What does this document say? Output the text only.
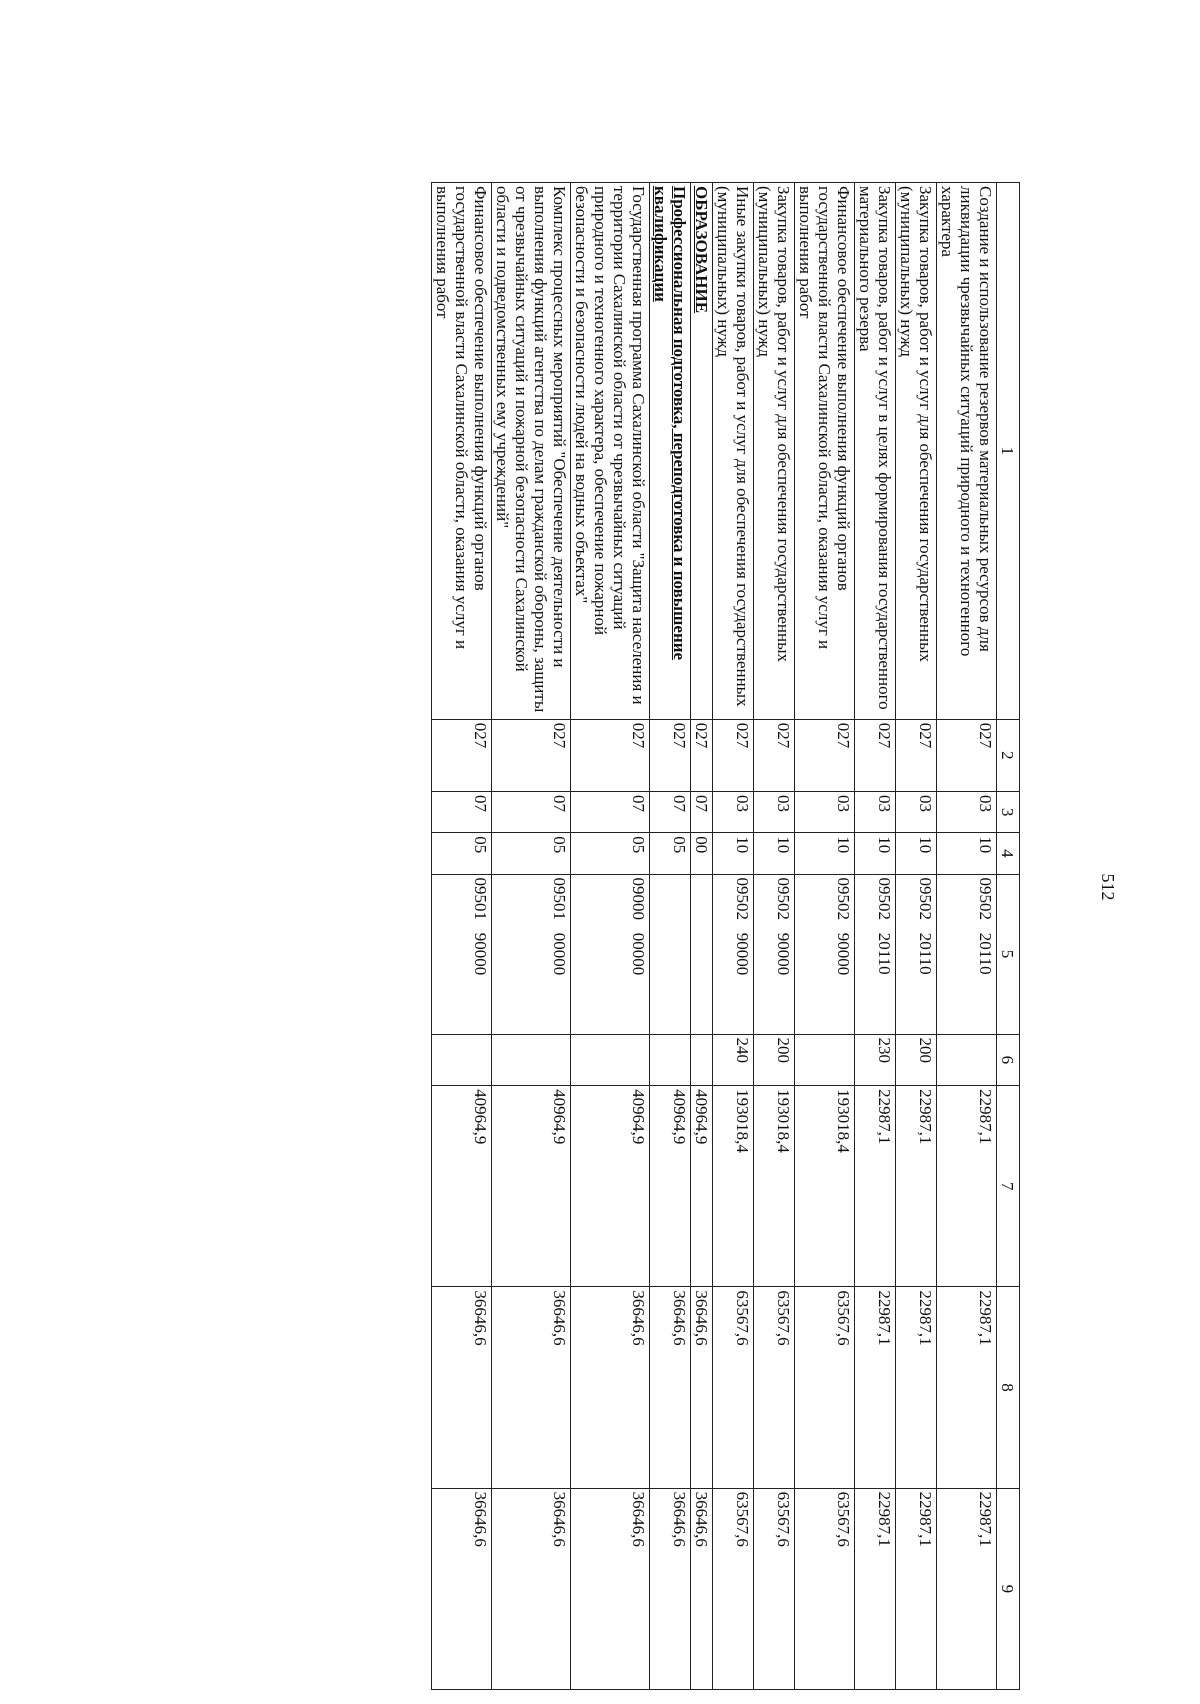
512
1	2	3	4	5	6	7	8	9
Создание и использование резервов материальных ресурсов для ликвидации чрезвычайных ситуаций природного и техногенного характера	027	03	10	09502   20110		22987,1	22987,1	22987,1
Закупка товаров, работ и услуг для обеспечения государственных (муниципальных) нужд	027	03	10	09502   20110	200	22987,1	22987,1	22987,1
Закупка товаров, работ и услуг в целях формирования государственного материального резерва	027	03	10	09502   20110	230	22987,1	22987,1	22987,1
Финансовое обеспечение выполнения функций органов государственной власти Сахалинской области, оказания услуг и выполнения работ	027	03	10	09502   90000		193018,4	63567,6	63567,6
Закупка товаров, работ и услуг для обеспечения государственных (муниципальных) нужд	027	03	10	09502   90000	200	193018,4	63567,6	63567,6
Иные закупки товаров, работ и услуг для обеспечения государственных (муниципальных) нужд	027	03	10	09502   90000	240	193018,4	63567,6	63567,6
ОБРАЗОВАНИЕ	027	07	00			40964,9	36646,6	36646,6
Профессиональная подготовка, переподготовка и повышение квалификации	027	07	05			40964,9	36646,6	36646,6
Государственная программа Сахалинской области "Защита населения и территории Сахалинской области от чрезвычайных ситуаций природного и техногенного характера, обеспечение пожарной безопасности и безопасности людей на водных объектах"	027	07	05	09000   00000		40964,9	36646,6	36646,6
Комплекс процессных мероприятий "Обеспечение деятельности и выполнения функций агентства по делам гражданской обороны, защиты от чрезвычайных ситуаций и пожарной безопасности Сахалинской области и подведомственных ему учреждений"	027	07	05	09501   00000		40964,9	36646,6	36646,6
Финансовое обеспечение выполнения функций органов государственной власти Сахалинской области, оказания услуг и выполнения работ	027	07	05	09501   90000		40964,9	36646,6	36646,6
